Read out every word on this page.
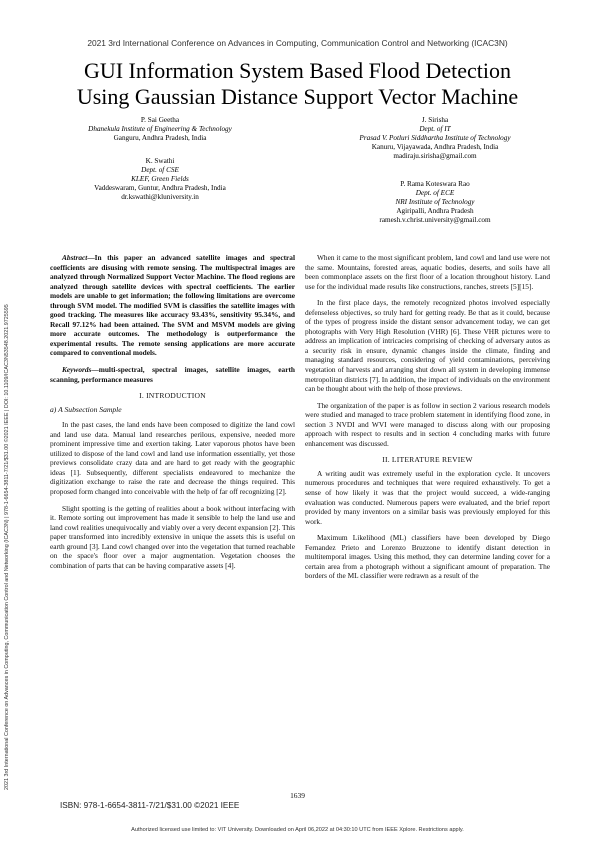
2021 3rd International Conference on Advances in Computing, Communication Control and Networking (ICAC3N)
2021 3rd International Conference on Advances in Computing, Communication Control and Networking (ICAC3N) | 978-1-6654-3811-7/21/$31.00 ©2021 IEEE | DOI: 10.1109/ICAC3N53548.2021.9725595
GUI Information System Based Flood Detection
Using Gaussian Distance Support Vector Machine
P. Sai Geetha
Dhanekula Institute of Engineering & Technology
Ganguru, Andhra Pradesh, India
J. Sirisha
Dept. of IT
Prasad V. Potluri Siddhartha Institute of Technology
Kanuru, Vijayawada, Andhra Pradesh, India
madiraju.sirisha@gmail.com
K. Swathi
Dept. of CSE
KLEF, Green Fields
Vaddeswaram, Guntur, Andhra Pradesh, India
dr.kswathi@kluniversity.in
P. Rama Koteswara Rao
Dept. of ECE
NRI Institute of Technology
Agiripalli, Andhra Pradesh
ramesh.v.christ.university@gmail.com

Abstract—In this paper an advanced satellite images and spectral coefficients are disusing with remote sensing. The multispectral images are analyzed through Normalized Support Vector Machine. The flood regions are analyzed through satellite devices with spectral coefficients. The earlier models are unable to get information; the following limitations are overcome through SVM model. The modified SVM is classifies the satellite images with good tracking. The measures like accuracy 93.43%, sensitivity 95.34%, and Recall 97.12% had been attained. The SVM and MSVM models are giving more accurate outcomes. The methodology is outperformance the experimental results. The remote sensing applications are more accurate compared to conventional models.

Keywords—multi-spectral, spectral images, satellite images, earth scanning, performance measures

I. INTRODUCTION
a) A Subsection Sample

In the past cases, the land ends have been composed to digitize the land cowl and land use data. Manual land researches perilous, expensive, needed more prominent impressive time and exertion taking. Later vaporous photos have been utilized to dispose of the land cowl and land use information essentially, yet those previews consolidate crazy data and are hard to get ready with the geographic ideas [1]. Subsequently, different specialists endeavored to mechanize the digitization exchange to raise the rate and decrease the things required. This proposed form changed into conceivable with the help of far off recognizing [2].

Slight spotting is the getting of realities about a book without interfacing with it. Remote sorting out improvement has made it sensible to help the land use and land cowl realities unequivocally and viably over a very decent expansion [2]. This paper transformed into incredibly extensive in unique the assets this is useful on earth ground [3]. Land cowl changed over into the vegetation that turned reachable on the space's floor over a major augmentation. Vegetation chooses the combination of parts that can be having comparative assets [4].

When it came to the most significant problem, land cowl and land use were not the same. Mountains, forested areas, aquatic bodies, deserts, and soils have all been commonplace assets on the first floor of a location throughout history. Land use for the individual made results like constructions, ranches, streets [5][15].

In the first place days, the remotely recognized photos involved especially defenseless objectives, so truly hard for getting ready. Be that as it could, because of the types of progress inside the distant sensor advancement today, we can get photographs with Very High Resolution (VHR) [6]. These VHR pictures were to address an implication of intricacies comprising of checking of adversary autos as a security risk in ensure, dynamic changes inside the climate, finding and managing standard resources, considering of yield contaminations, perceiving vegetation of harvests and arranging shut down all system in developing immense metropolitan districts [7]. In addition, the impact of individuals on the environment can be thought about with the help of those previews.

The organization of the paper is as follow in section 2 various research models were studied and managed to trace problem statement in identifying flood zone, in section 3 NVDI and WVI were managed to discuss along with our proposing approach with respect to results and in section 4 concluding marks with future enhancement was discussed.

II. LITERATURE REVIEW

A writing audit was extremely useful in the exploration cycle. It uncovers numerous procedures and techniques that were required exhaustively. To get a sense of how likely it was that the project would succeed, a wide-ranging evaluation was conducted. Numerous papers were evaluated, and the brief report provided by many inventors on a similar basis was previously employed for this work.

Maximum Likelihood (ML) classifiers have been developed by Diego Fernandez Prieto and Lorenzo Bruzzone to identify distant detection in multitemporal images. Using this method, they can determine landing cover for a certain area from a photograph without a significant amount of preparation. The borders of the ML classifier were redrawn as a result of the

1639
ISBN: 978-1-6654-3811-7/21/$31.00 ©2021 IEEE
Authorized licensed use limited to: VIT University. Downloaded on April 06,2022 at 04:30:10 UTC from IEEE Xplore. Restrictions apply.
